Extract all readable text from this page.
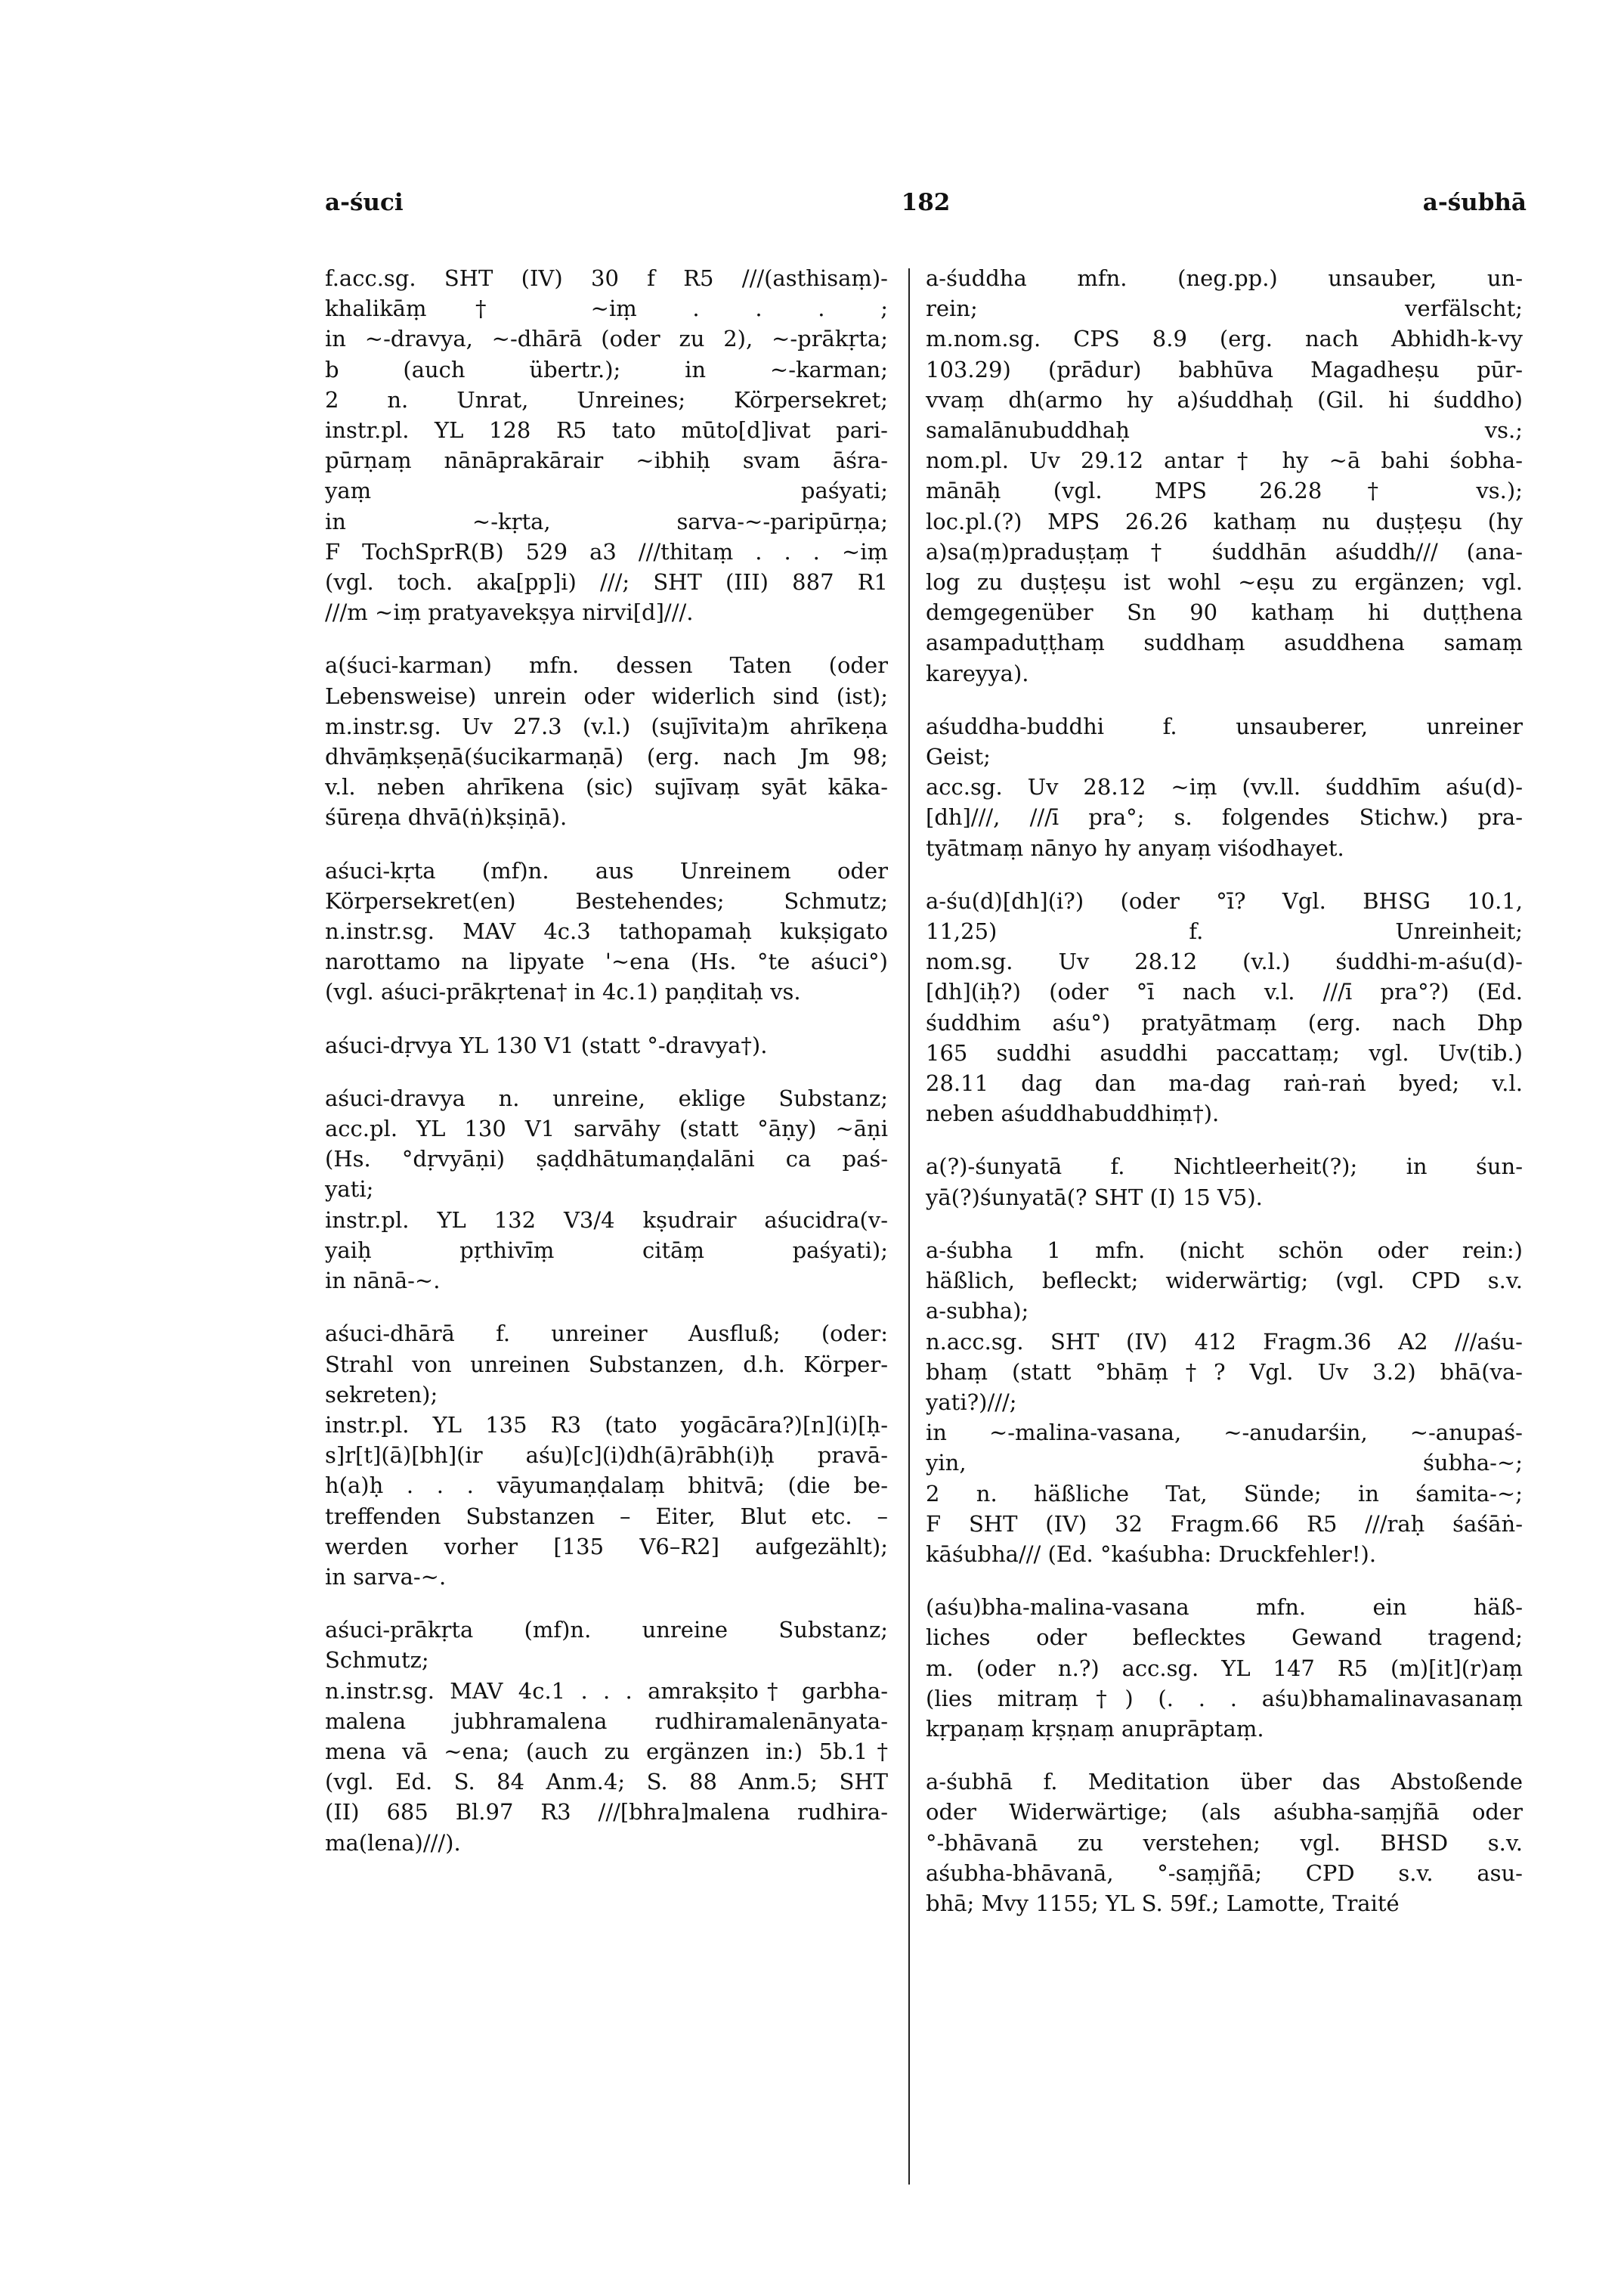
a-śuci	182	a-śubhā
f.acc.sg. SHT (IV) 30 f R5 ///(asthisaṃ)-
khalikāṃ† ~iṃ . . . ;
in ~-dravya, ~-dhārā (oder zu 2), ~-prākṛta;
b (auch übertr.); in ~-karman;
2 n. Unrat, Unreines; Körpersekret;
instr.pl. YL 128 R5 tato mūto[d]ivat pari-
pūrṇaṃ nānāprakārair ~ibhiḥ svam āśra-
yaṃ paśyati;
in ~-kṛta, sarva-~-paripūrṇa;
F TochSprR(B) 529 a3 ///thitaṃ . . . ~iṃ
(vgl. toch. aka[pp]i) ///; SHT (III) 887 R1
///m ~iṃ pratyavekṣya nirvi[d]///.
a(śuci-karman) mfn. dessen Taten (oder
Lebensweise) unrein oder widerlich sind (ist);
m.instr.sg. Uv 27.3 (v.l.) (sujīvita)m ahrīkeṇa
dhvāṃkṣeṇā(śucikarmaṇā) (erg. nach Jm 98;
v.l. neben ahrīkena (sic) sujīvaṃ syāt kāka-
śūreṇa dhvā(ṅ)kṣiṇā).
aśuci-kṛta (mf)n. aus Unreinem oder
Körpersekret(en) Bestehendes; Schmutz;
n.instr.sg. MAV 4c.3 tathopamaḥ kukṣigato
narottamo na lipyate '~ena (Hs. °te aśuci°)
(vgl. aśuci-prākṛtena† in 4c.1) paṇḍitaḥ vs.
aśuci-dṛvya YL 130 V1 (statt °-dravya†).
aśuci-dravya n. unreine, eklige Substanz;
acc.pl. YL 130 V1 sarvāhy (statt °āṇy) ~āṇi
(Hs. °dṛvyāṇi) ṣaḍdhātumaṇḍalāni ca paś-
yati;
instr.pl. YL 132 V3/4 kṣudrair aśucidra(v-
yaiḥ pṛthivīṃ citāṃ paśyati);
in nānā-~.
aśuci-dhārā f. unreiner Ausfluß; (oder:
Strahl von unreinen Substanzen, d.h. Körper-
sekreten);
instr.pl. YL 135 R3 (tato yogācāra?)[n](i)[ḥ-
s]r[t](ā)[bh](ir aśu)[c](i)dh(ā)rābh(i)ḥ pravā-
h(a)ḥ . . . vāyumaṇḍalaṃ bhitvā; (die be-
treffenden Substanzen – Eiter, Blut etc. –
werden vorher [135 V6–R2] aufgezählt);
in sarva-~.
aśuci-prākṛta (mf)n. unreine Substanz;
Schmutz;
n.instr.sg. MAV 4c.1 . . . amrakṣito† garbha-
malena jubhramalena rudhiramalenānyata-
mena vā ~ena; (auch zu ergänzen in:) 5b.1†
(vgl. Ed. S. 84 Anm.4; S. 88 Anm.5; SHT
(II) 685 Bl.97 R3 ///[bhra]malena rudhira-
ma(lena)///).
a-śuddha mfn. (neg.pp.) unsauber, un-
rein; verfälscht;
m.nom.sg. CPS 8.9 (erg. nach Abhidh-k-vy
103.29) (prādur) babhūva Magadheṣu pūr-
vvaṃ dh(armo hy a)śuddhaḥ (Gil. hi śuddho)
samalānubuddhaḥ vs.;
nom.pl. Uv 29.12 antar† hy ~ā bahi śobha-
mānāḥ (vgl. MPS 26.28† vs.);
loc.pl.(?) MPS 26.26 kathaṃ nu duṣṭeṣu (hy
a)sa(ṃ)praduṣṭaṃ† śuddhān aśuddh/// (ana-
log zu duṣṭeṣu ist wohl ~eṣu zu ergänzen; vgl.
demgegenüber Sn 90 kathaṃ hi duṭṭhena
asampaduṭṭhaṃ suddhaṃ asuddhena samaṃ
kareyya).
aśuddha-buddhi f. unsauberer, unreiner
Geist;
acc.sg. Uv 28.12 ~iṃ (vv.ll. śuddhīm aśu(d)-
[dh]///, ///ī pra°; s. folgendes Stichw.) pra-
tyātmaṃ nānyo hy anyaṃ viśodhayet.
a-śu(d)[dh](i?) (oder °ī? Vgl. BHSG 10.1,
11,25) f. Unreinheit;
nom.sg. Uv 28.12 (v.l.) śuddhi-m-aśu(d)-
[dh](iḥ?) (oder °ī nach v.l. ///ī pra°?) (Ed.
śuddhim aśu°) pratyātmaṃ (erg. nach Dhp
165 suddhi asuddhi paccattaṃ; vgl. Uv(tib.)
28.11 dag dan ma-dag raṅ-raṅ byed; v.l.
neben aśuddhabuddhiṃ†).
a(?)-śunyatā f. Nichtleerheit(?); in śun-
yā(?)śunyatā(? SHT (I) 15 V5).
a-śubha 1 mfn. (nicht schön oder rein:)
häßlich, befleckt; widerwärtig; (vgl. CPD s.v.
a-subha);
n.acc.sg. SHT (IV) 412 Fragm.36 A2 ///aśu-
bhaṃ (statt °bhāṃ†? Vgl. Uv 3.2) bhā(va-
yati?)///;
in ~-malina-vasana, ~-anudarśin, ~-anupaś-
yin, śubha-~;
2 n. häßliche Tat, Sünde; in śamita-~;
F SHT (IV) 32 Fragm.66 R5 ///raḥ śaśāṅ-
kāśubha/// (Ed. °kaśubha: Druckfehler!).
(aśu)bha-malina-vasana mfn. ein häß-
liches oder beflecktes Gewand tragend;
m. (oder n.?) acc.sg. YL 147 R5 (m)[it](r)aṃ
(lies mitraṃ†) (. . . aśu)bhamalinavasanaṃ
kṛpaṇaṃ kṛṣṇaṃ anuprāptaṃ.
a-śubhā f. Meditation über das Abstoßende
oder Widerwärtige; (als aśubha-saṃjñā oder
°-bhāvanā zu verstehen; vgl. BHSD s.v.
aśubha-bhāvanā, °-saṃjñā; CPD s.v. asu-
bhā; Mvy 1155; YL S. 59f.; Lamotte, Traité
